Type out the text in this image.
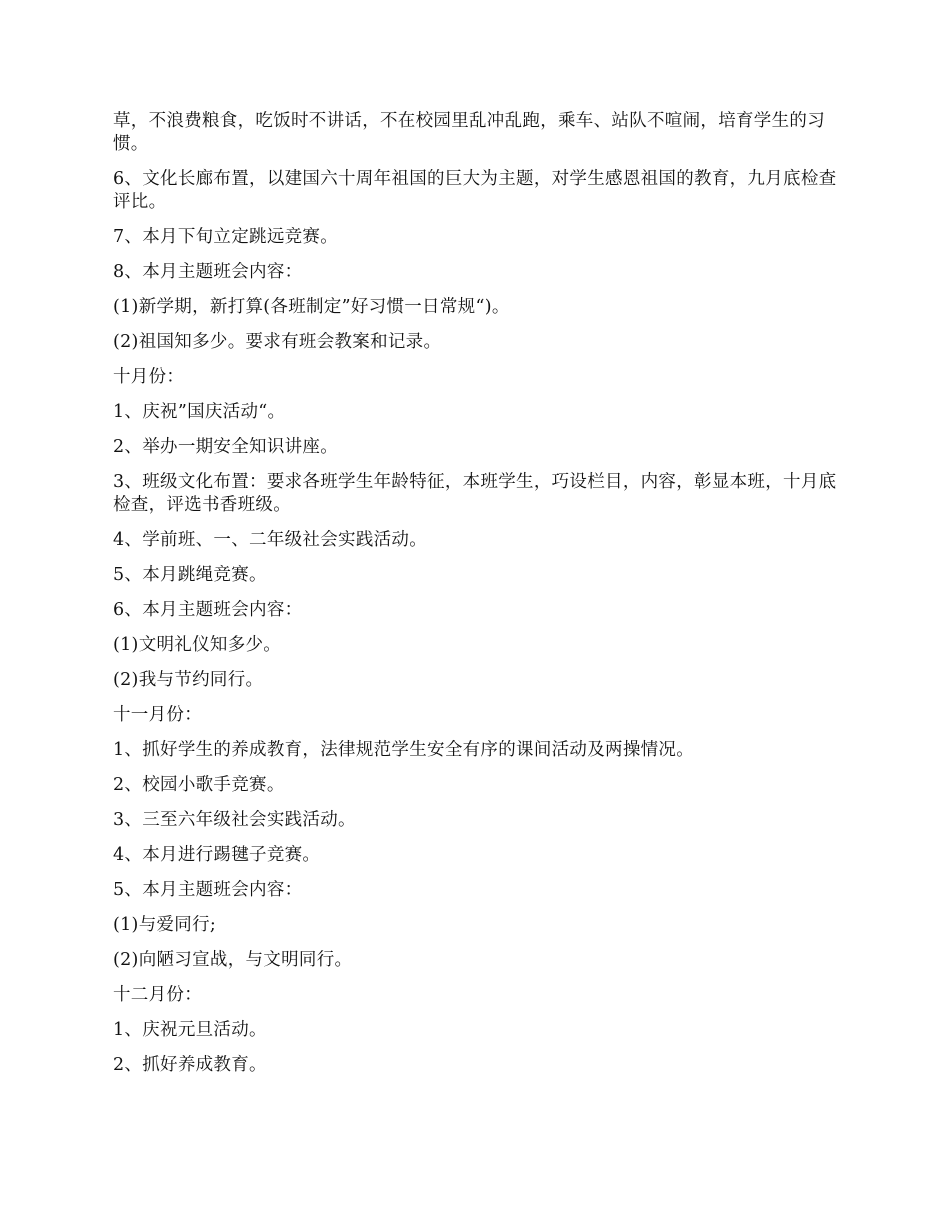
草，不浪费粮食，吃饭时不讲话，不在校园里乱冲乱跑，乘车、站队不喧闹，培育学生的习惯。

6、文化长廊布置，以建国六十周年祖国的巨大为主题，对学生感恩祖国的教育，九月底检查评比。

7、本月下旬立定跳远竞赛。

8、本月主题班会内容：

(1)新学期，新打算(各班制定”好习惯一日常规“)。

(2)祖国知多少。要求有班会教案和记录。

十月份：

1、庆祝”国庆活动“。

2、举办一期安全知识讲座。

3、班级文化布置：要求各班学生年龄特征，本班学生，巧设栏目，内容，彰显本班，十月底检查，评选书香班级。

4、学前班、一、二年级社会实践活动。

5、本月跳绳竞赛。

6、本月主题班会内容：

(1)文明礼仪知多少。

(2)我与节约同行。

十一月份：

1、抓好学生的养成教育，法律规范学生安全有序的课间活动及两操情况。

2、校园小歌手竞赛。

3、三至六年级社会实践活动。

4、本月进行踢毽子竞赛。

5、本月主题班会内容：

(1)与爱同行;

(2)向陋习宣战，与文明同行。

十二月份：

1、庆祝元旦活动。

2、抓好养成教育。
